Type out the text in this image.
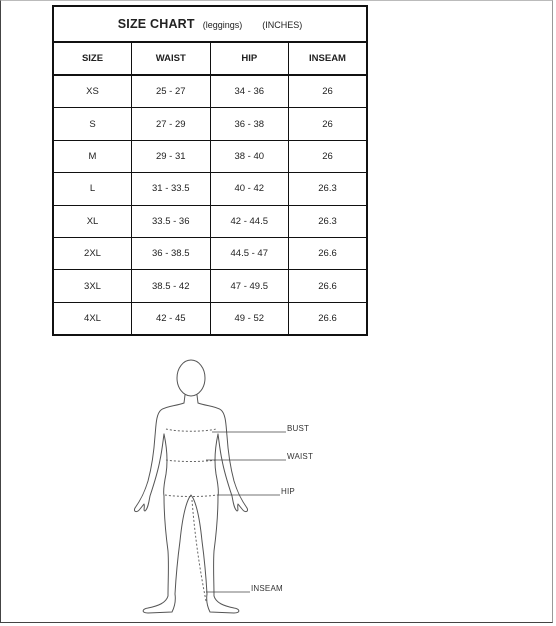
SIZE CHART (leggings) (INCHES)			
SIZE	WAIST	HIP	INSEAM
XS	25 - 27	34 - 36	26
S	27 - 29	36 - 38	26
M	29 - 31	38 - 40	26
L	31 - 33.5	40 - 42	26.3
XL	33.5 - 36	42 - 44.5	26.3
2XL	36 - 38.5	44.5 - 47	26.6
3XL	38.5 - 42	47 - 49.5	26.6
4XL	42 - 45	49 - 52	26.6
BUST
WAIST
HIP
INSEAM
